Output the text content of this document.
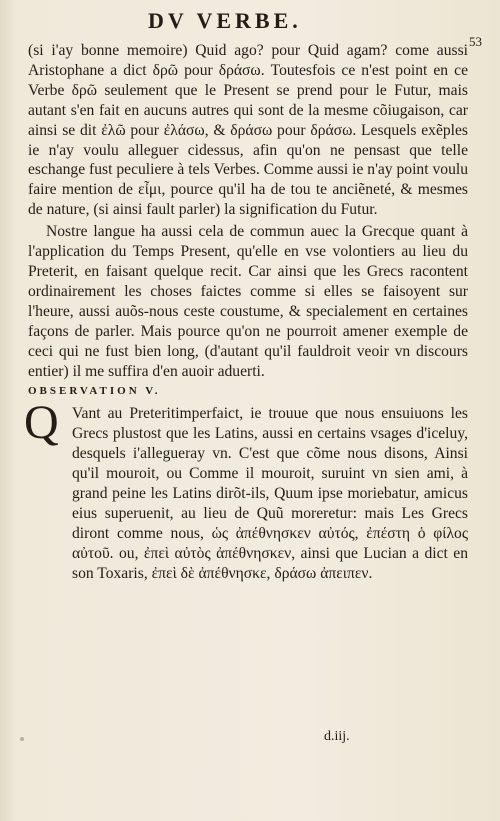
DV VERBE.
53

(si i'ay bonne memoire) Quid ago? pour Quid agam? come aussi Aristophane a dict δρῶ pour δράσω. Toutesfois ce n'est point en ce Verbe δρῶ seulement que le Present se prend pour le Futur, mais autant s'en fait en aucuns autres qui sont de la mesme cõiugaison, car ainsi se dit ἐλῶ pour ἐλάσω, & δράσω pour δράσω. Lesquels exẽples ie n'ay voulu alleguer cidessus, afin qu'on ne pensast que telle eschange fust peculiere à tels Verbes. Comme aussi ie n'ay point voulu faire mention de εἶμι, pource qu'il ha de tou te anciẽneté, & mesmes de nature, (si ainsi fault parler) la signification du Futur.

Nostre langue ha aussi cela de commun auec la Grecque quant à l'application du Temps Present, qu'elle en vse volontiers au lieu du Preterit, en faisant quelque recit. Car ainsi que les Grecs racontent ordinairement les choses faictes comme si elles se faisoyent sur l'heure, aussi auõs-nous ceste coustume, & specialement en certaines façons de parler. Mais pource qu'on ne pourroit amener exemple de ceci qui ne fust bien long, (d'autant qu'il fauldroit veoir vn discours entier) il me suffira d'en auoir aduerti.

OBSERVATION V.

Q Vant au Preteritimperfaict, ie trouue que nous ensuiuons les Grecs plustost que les Latins, aussi en certains vsages d'iceluy, desquels i'allegueray vn. C'est que cõme nous disons, Ainsi qu'il mouroit, ou Comme il mouroit, suruint vn sien ami, à grand peine les Latins dirõt-ils, Quum ipse moriebatur, amicus eius superuenit, au lieu de Quũ moreretur: mais Les Grecs diront comme nous, ὡς ἀπέθνησκεν αὐτός, ἐπέστη ὁ φίλος αὐτοῦ. ou, ἐπεὶ αὐτὸς ἀπέθνησκεν, ainsi que Lucian a dict en son Toxaris, ἐπεὶ δὲ ἀπέθνησκε, δράσω ἀπειπεν.

d.iij.
